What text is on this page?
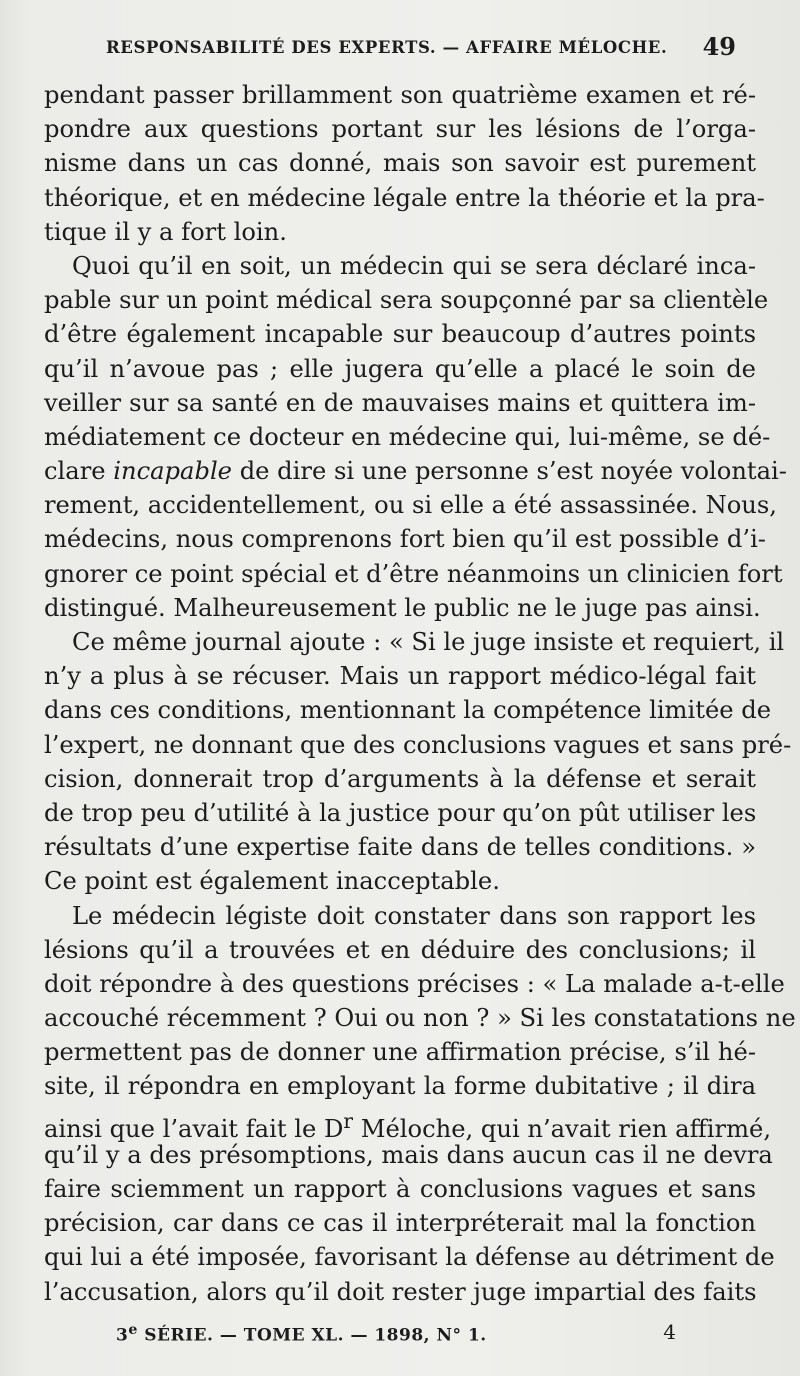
RESPONSABILITÉ DES EXPERTS. — AFFAIRE MÉLOCHE. 49
pendant passer brillamment son quatrième examen et ré-
pondre aux questions portant sur les lésions de l’orga-
nisme dans un cas donné, mais son savoir est purement
théorique, et en médecine légale entre la théorie et la pra-
tique il y a fort loin.
Quoi qu’il en soit, un médecin qui se sera déclaré inca-
pable sur un point médical sera soupçonné par sa clientèle
d’être également incapable sur beaucoup d’autres points
qu’il n’avoue pas ; elle jugera qu’elle a placé le soin de
veiller sur sa santé en de mauvaises mains et quittera im-
médiatement ce docteur en médecine qui, lui-même, se dé-
clare incapable de dire si une personne s’est noyée volontai-
rement, accidentellement, ou si elle a été assassinée. Nous,
médecins, nous comprenons fort bien qu’il est possible d’i-
gnorer ce point spécial et d’être néanmoins un clinicien fort
distingué. Malheureusement le public ne le juge pas ainsi.
Ce même journal ajoute : « Si le juge insiste et requiert, il
n’y a plus à se récuser. Mais un rapport médico-légal fait
dans ces conditions, mentionnant la compétence limitée de
l’expert, ne donnant que des conclusions vagues et sans pré-
cision, donnerait trop d’arguments à la défense et serait
de trop peu d’utilité à la justice pour qu’on pût utiliser les
résultats d’une expertise faite dans de telles conditions. »
Ce point est également inacceptable.
Le médecin légiste doit constater dans son rapport les
lésions qu’il a trouvées et en déduire des conclusions; il
doit répondre à des questions précises : « La malade a-t-elle
accouché récemment ? Oui ou non ? » Si les constatations ne
permettent pas de donner une affirmation précise, s’il hé-
site, il répondra en employant la forme dubitative ; il dira
ainsi que l’avait fait le $D^r$ Méloche, qui n’avait rien affirmé,
qu’il y a des présomptions, mais dans aucun cas il ne devra
faire sciemment un rapport à conclusions vagues et sans
précision, car dans ce cas il interpréterait mal la fonction
qui lui a été imposée, favorisant la défense au détriment de
l’accusation, alors qu’il doit rester juge impartial des faits
3e SÉRIE. — TOME XL. — 1898, N° 1.	4
